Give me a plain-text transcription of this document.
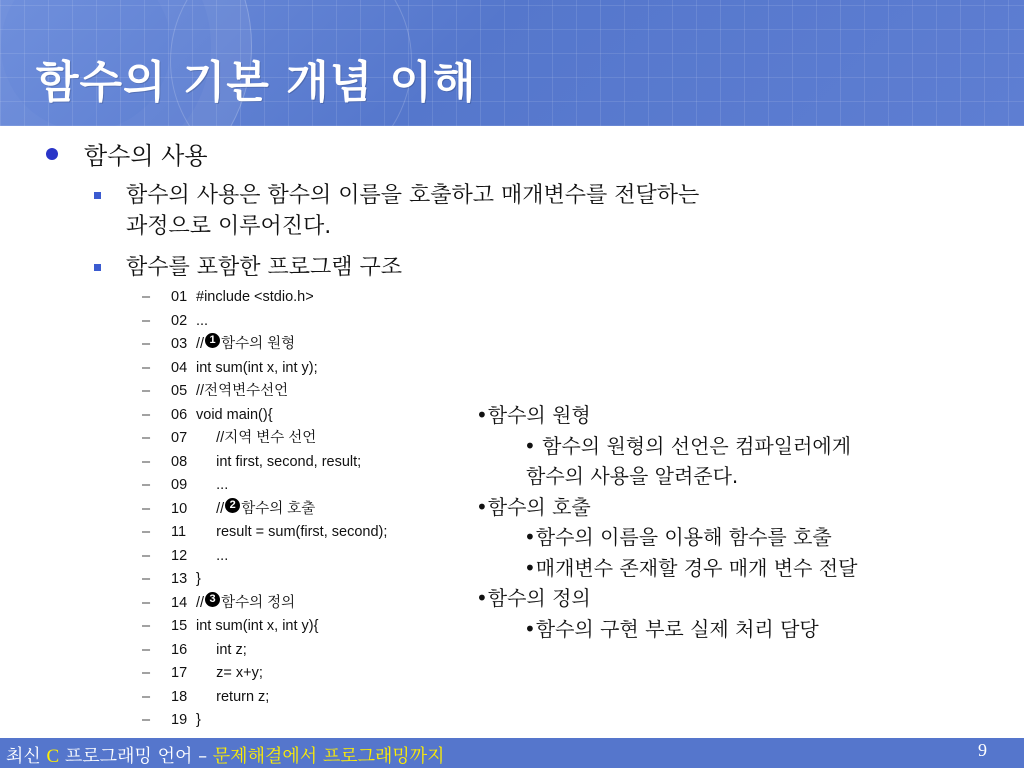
함수의 기본 개념 이해
함수의 사용
함수의 사용은 함수의 이름을 호출하고 매개변수를 전달하는
과정으로 이루어진다.
함수를 포함한 프로그램 구조
–	01 #include <stdio.h>
–	02 ...
–	03 // 1 함수의 원형
–	04 int sum(int x, int y);
–	05 //전역변수선언
–	06 void main(){
–	07 //지역 변수 선언
–	08 int first, second, result;
–	09 ...
–	10 // 2 함수의 호출
–	11 result = sum(first, second);
–	12 ...
–	13 }
–	14 // 3 함수의 정의
–	15 int sum(int x, int y){
–	16 int z;
–	17 z= x+y;
–	18 return z;
–	19 }
•함수의 원형
• 함수의 원형의 선언은 컴파일러에게
함수의 사용을 알려준다.
•함수의 호출
•함수의 이름을 이용해 함수를 호출
•매개변수 존재할 경우 매개 변수 전달
•함수의 정의
•함수의 구현 부로 실제 처리 담당
최신 C 프로그래밍 언어 – 문제해결에서 프로그래밍까지	9
